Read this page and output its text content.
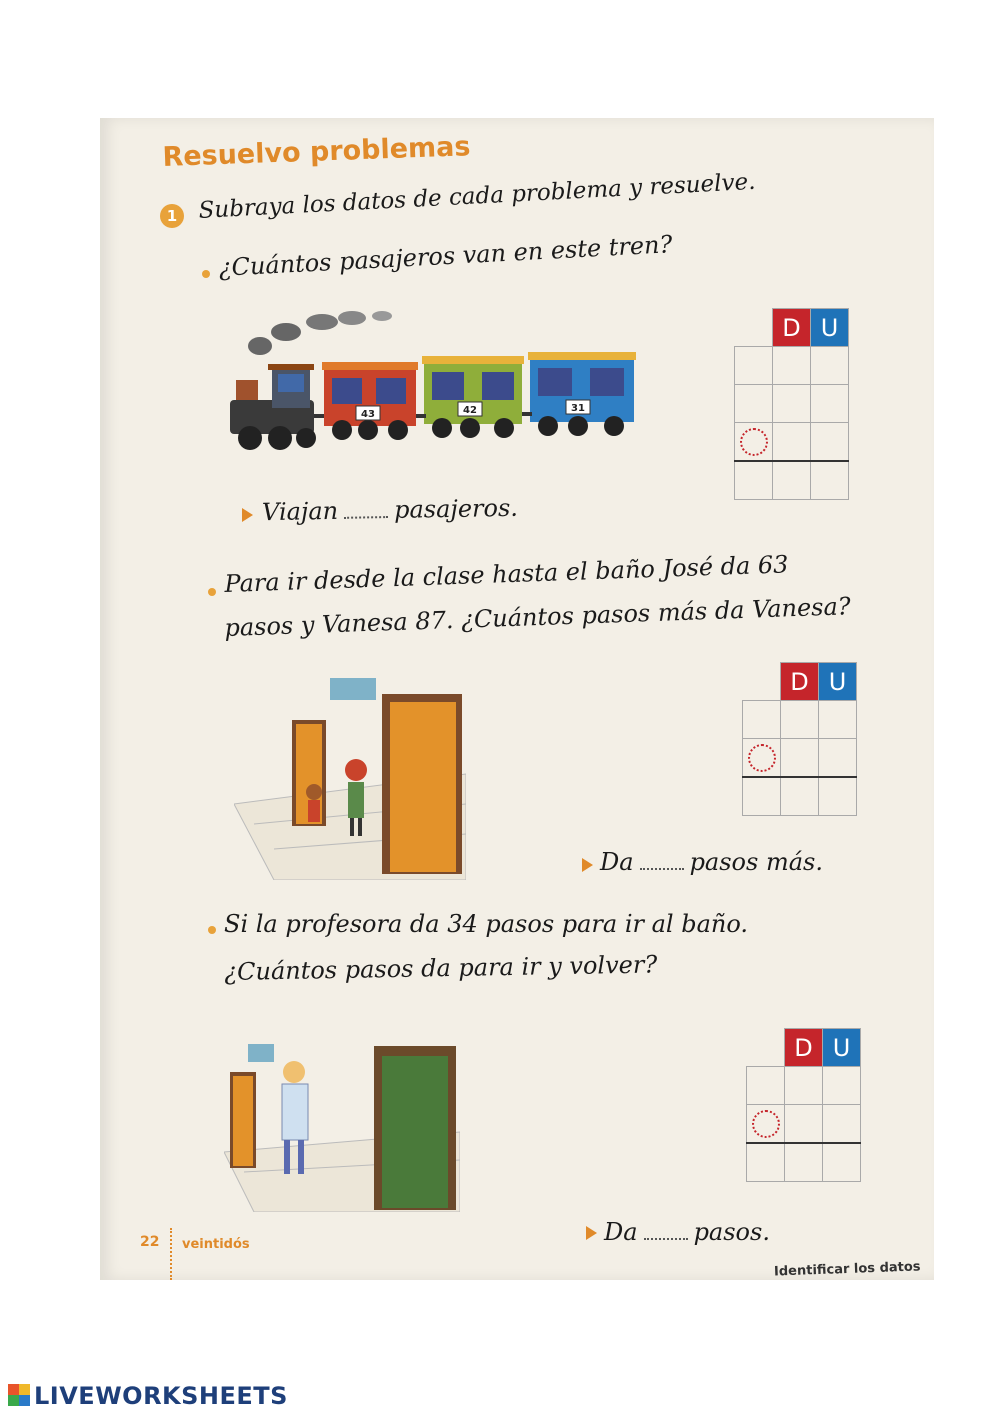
Resuelvo problemas
1 Subraya los datos de cada problema y resuelve.
¿Cuántos pasajeros van en este tren?
43	42	31
	D	U

Viajan pasajeros.
Para ir desde la clase hasta el baño José da 63
pasos y Vanesa 87. ¿Cuántos pasos más da Vanesa?
	D	U

Da pasos más.
Si la profesora da 34 pasos para ir al baño.
¿Cuántos pasos da para ir y volver?
	D	U

Da pasos.
22 veintidós
Identificar los datos
LIVEWORKSHEETS
